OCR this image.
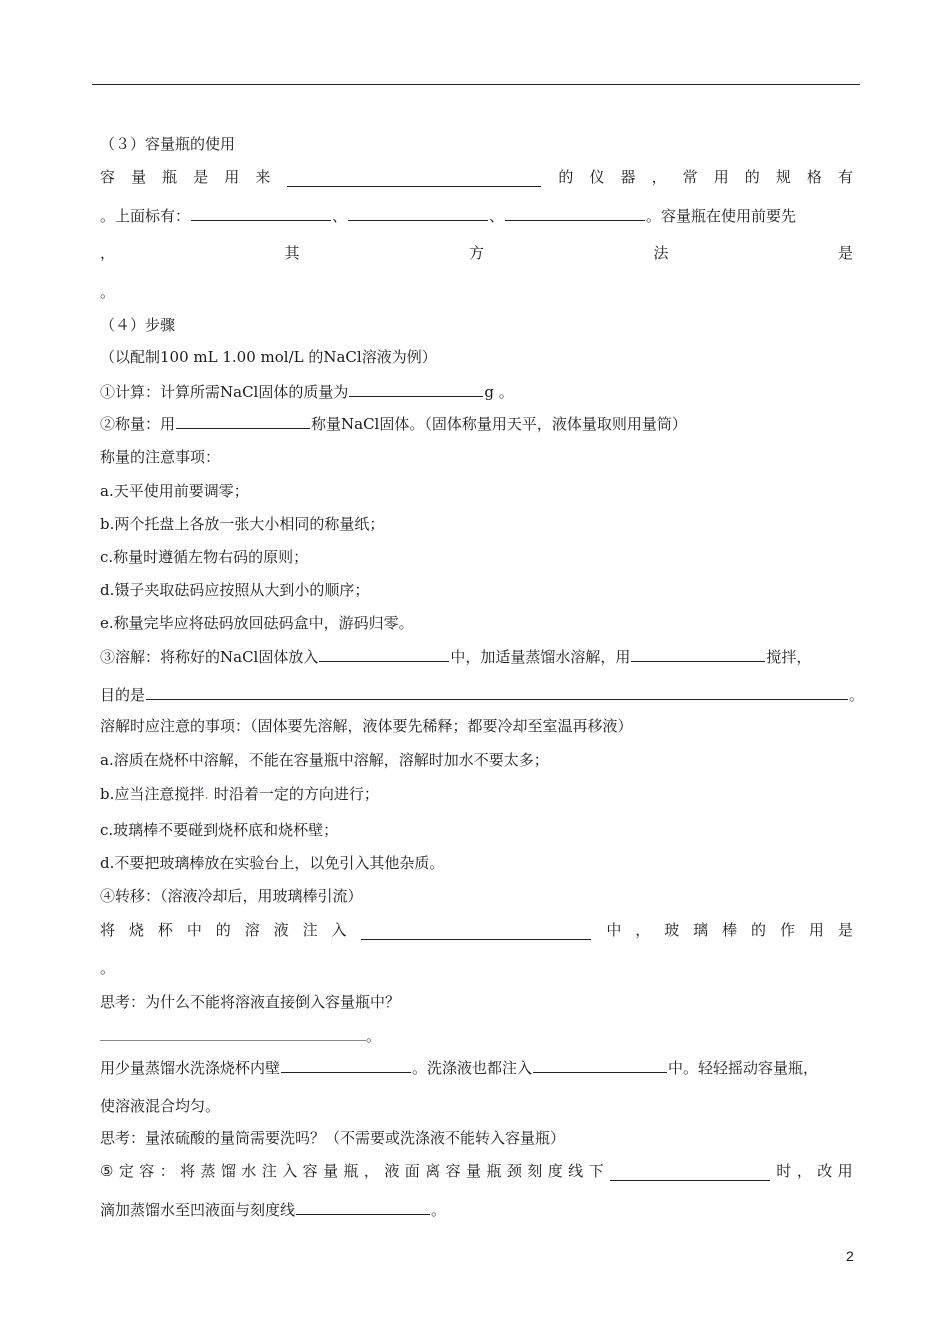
（３）容量瓶的使用
容 量 瓶 是 用 来	的 仪 器 ， 常 用 的 规 格 有
。上面标有：	、	、	。容量瓶在使用前要先
，	其	方	法	是
。
（４）步骤
（以配制100 mL 1.00 mol/L 的NaCl溶液为例）
①计算：计算所需NaCl固体的质量为	g 。
②称量：用	称量NaCl固体。（固体称量用天平，液体量取则用量筒）
称量的注意事项：
a.天平使用前要调零；
b.两个托盘上各放一张大小相同的称量纸；
c.称量时遵循左物右码的原则；
d.镊子夹取砝码应按照从大到小的顺序；
e.称量完毕应将砝码放回砝码盒中，游码归零。
③溶解：将称好的NaCl固体放入	中，加适量蒸馏水溶解，用	搅拌，
目的是	。
溶解时应注意的事项：（固体要先溶解，液体要先稀释；都要冷却至室温再移液）
a.溶质在烧杯中溶解，不能在容量瓶中溶解，溶解时加水不要太多；
b.应当注意搅拌. 时沿着一定的方向进行；
c.玻璃棒不要碰到烧杯底和烧杯壁；
d.不要把玻璃棒放在实验台上，以免引入其他杂质。
④转移：（溶液冷却后，用玻璃棒引流）
将 烧 杯 中 的 溶 液 注 入	中 ， 玻 璃 棒 的 作 用 是
。
思考：为什么不能将溶液直接倒入容量瓶中？
。
用少量蒸馏水洗涤烧杯内壁	。洗涤液也都注入	中。轻轻摇动容量瓶，
使溶液混合均匀。
思考：量浓硫酸的量筒需要洗吗？（不需要或洗涤液不能转入容量瓶）
⑤ 定 容 ： 将 蒸 馏 水 注 入 容 量 瓶 ， 液 面 离 容 量 瓶 颈 刻 度 线 下	时 ， 改 用
滴加蒸馏水至凹液面与刻度线	。
2
